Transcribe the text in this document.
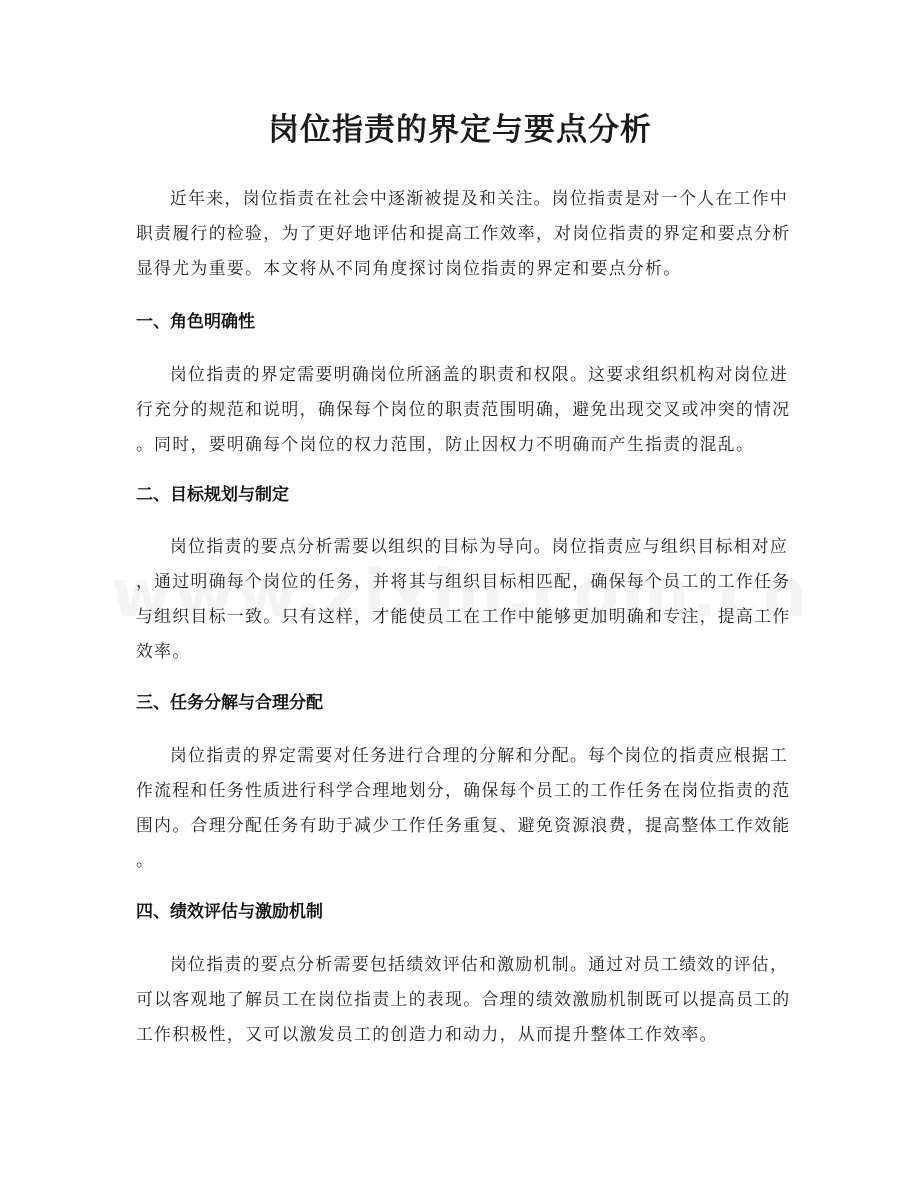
岗位指责的界定与要点分析
近年来，岗位指责在社会中逐渐被提及和关注。岗位指责是对一个人在工作中
职责履行的检验，为了更好地评估和提高工作效率，对岗位指责的界定和要点分析
显得尤为重要。本文将从不同角度探讨岗位指责的界定和要点分析。
一、角色明确性
岗位指责的界定需要明确岗位所涵盖的职责和权限。这要求组织机构对岗位进
行充分的规范和说明，确保每个岗位的职责范围明确，避免出现交叉或冲突的情况
。同时，要明确每个岗位的权力范围，防止因权力不明确而产生指责的混乱。
二、目标规划与制定
岗位指责的要点分析需要以组织的目标为导向。岗位指责应与组织目标相对应
，通过明确每个岗位的任务，并将其与组织目标相匹配，确保每个员工的工作任务
与组织目标一致。只有这样，才能使员工在工作中能够更加明确和专注，提高工作
效率。
三、任务分解与合理分配
岗位指责的界定需要对任务进行合理的分解和分配。每个岗位的指责应根据工
作流程和任务性质进行科学合理地划分，确保每个员工的工作任务在岗位指责的范
围内。合理分配任务有助于减少工作任务重复、避免资源浪费，提高整体工作效能
。
四、绩效评估与激励机制
岗位指责的要点分析需要包括绩效评估和激励机制。通过对员工绩效的评估，
可以客观地了解员工在岗位指责上的表现。合理的绩效激励机制既可以提高员工的
工作积极性，又可以激发员工的创造力和动力，从而提升整体工作效率。
